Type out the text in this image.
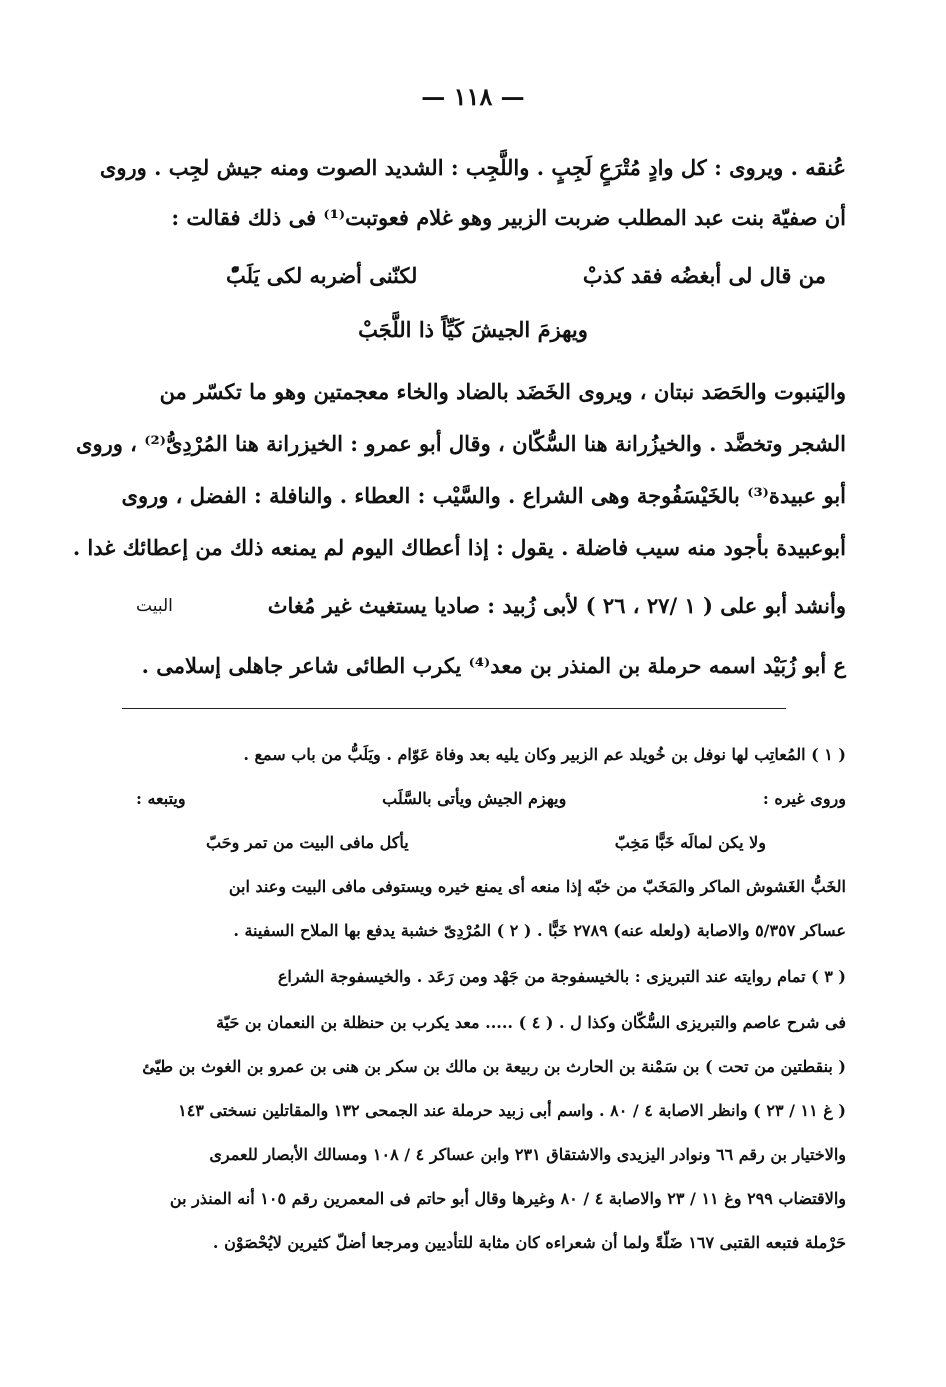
— ١١٨ —

عُنقه . ويروى : كل وادٍ مُتْرَعٍ لَجِبٍ . واللَّجِب : الشديد الصوت ومنه جيش لجِب . وروى

أن صفيّة بنت عبد المطلب ضربت الزبير وهو غلام فعوتبت⁽¹⁾ فى ذلك فقالت :

من قال لى أبغضُه فقد كذبْ
لكنّنى أضربه لكى يَلَبّْ

ويهزمَ الجيشَ كَيِّاً ذا اللَّجَبْ

واليَنبوت والحَصَد نبتان ، ويروى الخَضَد بالضاد والخاء معجمتين وهو ما تكسّر من

الشجر وتخضَّد . والخيزُرانة هنا السُّكّان ، وقال أبو عمرو : الخيزرانة هنا المُرْدِىُّ⁽²⁾ ، وروى

أبو عبيدة⁽³⁾ بالخَيْسَفُوجة وهى الشراع . والسَّيْب : العطاء . والنافلة : الفضل ، وروى

أبوعبيدة بأجود منه سيب فاضلة . يقول : إذا أعطاك اليوم لم يمنعه ذلك من إعطائك غدا .

وأنشد أبو على ( ١ /٢٧ ، ٢٦ ) لأبى زُبيد : صاديا يستغيث غير مُغاث
البيت

ع أبو زُبَيْد اسمه حرملة بن المنذر بن معد⁽⁴⁾ يكرب الطائى شاعر جاهلى إسلامى .

( ١ ) المُعاتِب لها نوفل بن خُويلد عم الزبير وكان يليه بعد وفاة عَوّام . ويَلَبُّ من باب سمع .

وروى غيره :
ويهزم الجيش ويأتى بالسَّلَب
ويتبعه :
ولا يكن لمالَه خَبًّا مَخِبّ
يأكل مافى البيت من تمر وحَبّ

الخَبُّ الغَشوش الماكر والمَخَبّ من خبّه إذا منعه أى يمنع خيره ويستوفى مافى البيت وعند ابن

عساكر ٥/٣٥٧ والاصابة (ولعله عنه) ٢٧٨٩ خَبًّا . ( ٢ ) المُرْدِىّ خشبة يدفع بها الملاح السفينة .

( ٣ ) تمام روايته عند التبريزى : بالخيسفوجة من جَهْد ومن رَعَد . والخيسفوجة الشراع

فى شرح عاصم والتبريزى السُّكّان وكذا ل . ( ٤ ) ..... معد يكرب بن حنظلة بن النعمان بن حَيّة

( بنقطتين من تحت ) بن سَمْنة بن الحارث بن ربيعة بن مالك بن سكر بن هنى بن عمرو بن الغوث بن طيّئ

( غ ١١ / ٢٣ ) وانظر الاصابة ٤ / ٨٠ . واسم أبى زبيد حرملة عند الجمحى ١٣٢ والمقاتلين نسختى ١٤٣

والاختيار بن رقم ٦٦ ونوادر اليزيدى والاشتقاق ٢٣١ وابن عساكر ٤ / ١٠٨ ومسالك الأبصار للعمرى

والاقتضاب ٢٩٩ وغ ١١ / ٢٣ والاصابة ٤ / ٨٠ وغيرها وقال أبو حاتم فى المعمرين رقم ١٠٥ أنه المنذر بن

حَرْملة فتبعه القتبى ١٦٧ ضَلّةً ولما أن شعراءه كان مثابة للتأديين ومرجعا أضلّ كثيرين لايُحْصَوْن .
